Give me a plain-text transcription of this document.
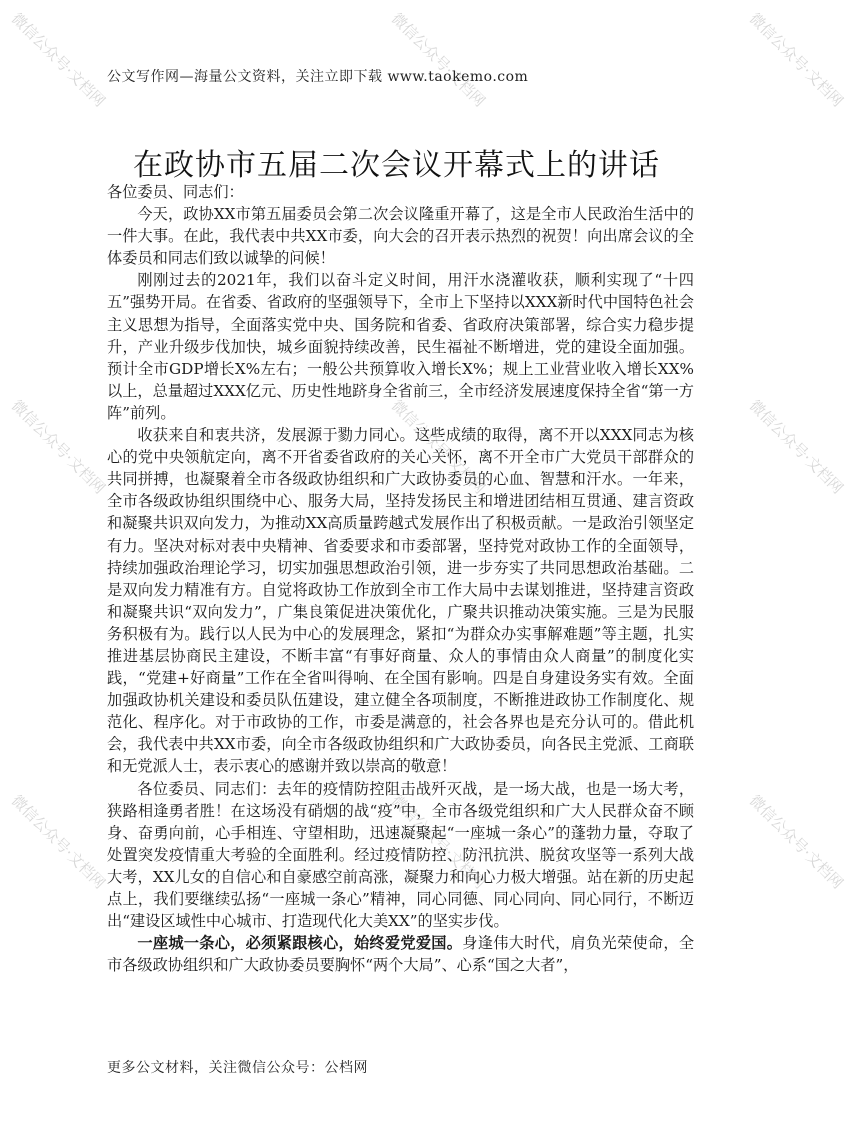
微信公众号·文档网	微信公众号·文档网	微信公众号·文档网
微信公众号·文档网	微信公众号·文档网	微信公众号·文档网
微信公众号·文档网	微信公众号·文档网	微信公众号·文档网
公文写作网—海量公文资料，关注立即下载 www.taokemo.com
在政协市五届二次会议开幕式上的讲话

各位委员、同志们：

今天，政协XX市第五届委员会第二次会议隆重开幕了，这是全市人民政治生活中的一件大事。在此，我代表中共XX市委，向大会的召开表示热烈的祝贺！向出席会议的全体委员和同志们致以诚挚的问候！

刚刚过去的2021年，我们以奋斗定义时间，用汗水浇灌收获，顺利实现了“十四五”强势开局。在省委、省政府的坚强领导下，全市上下坚持以XXX新时代中国特色社会主义思想为指导，全面落实党中央、国务院和省委、省政府决策部署，综合实力稳步提升，产业升级步伐加快，城乡面貌持续改善，民生福祉不断增进，党的建设全面加强。预计全市GDP增长X%左右；一般公共预算收入增长X%；规上工业营业收入增长XX%以上，总量超过XXX亿元、历史性地跻身全省前三，全市经济发展速度保持全省“第一方阵”前列。

收获来自和衷共济，发展源于勠力同心。这些成绩的取得，离不开以XXX同志为核心的党中央领航定向，离不开省委省政府的关心关怀，离不开全市广大党员干部群众的共同拼搏，也凝聚着全市各级政协组织和广大政协委员的心血、智慧和汗水。一年来，全市各级政协组织围绕中心、服务大局，坚持发扬民主和增进团结相互贯通、建言资政和凝聚共识双向发力，为推动XX高质量跨越式发展作出了积极贡献。一是政治引领坚定有力。坚决对标对表中央精神、省委要求和市委部署，坚持党对政协工作的全面领导，持续加强政治理论学习，切实加强思想政治引领，进一步夯实了共同思想政治基础。二是双向发力精准有方。自觉将政协工作放到全市工作大局中去谋划推进，坚持建言资政和凝聚共识“双向发力”，广集良策促进决策优化，广聚共识推动决策实施。三是为民服务积极有为。践行以人民为中心的发展理念，紧扣“为群众办实事解难题”等主题，扎实推进基层协商民主建设，不断丰富“有事好商量、众人的事情由众人商量”的制度化实践，“党建+好商量”工作在全省叫得响、在全国有影响。四是自身建设务实有效。全面加强政协机关建设和委员队伍建设，建立健全各项制度，不断推进政协工作制度化、规范化、程序化。对于市政协的工作，市委是满意的，社会各界也是充分认可的。借此机会，我代表中共XX市委，向全市各级政协组织和广大政协委员，向各民主党派、工商联和无党派人士，表示衷心的感谢并致以崇高的敬意！

各位委员、同志们：去年的疫情防控阻击战歼灭战，是一场大战，也是一场大考，狭路相逢勇者胜！在这场没有硝烟的战“疫”中，全市各级党组织和广大人民群众奋不顾身、奋勇向前，心手相连、守望相助，迅速凝聚起“一座城一条心”的蓬勃力量，夺取了处置突发疫情重大考验的全面胜利。经过疫情防控、防汛抗洪、脱贫攻坚等一系列大战大考，XX儿女的自信心和自豪感空前高涨，凝聚力和向心力极大增强。站在新的历史起点上，我们要继续弘扬“一座城一条心”精神，同心同德、同心同向、同心同行，不断迈出“建设区域性中心城市、打造现代化大美XX”的坚实步伐。

一座城一条心，必须紧跟核心，始终爱党爱国。身逢伟大时代，肩负光荣使命，全市各级政协组织和广大政协委员要胸怀“两个大局”、心系“国之大者”，

更多公文材料，关注微信公众号：公档网
